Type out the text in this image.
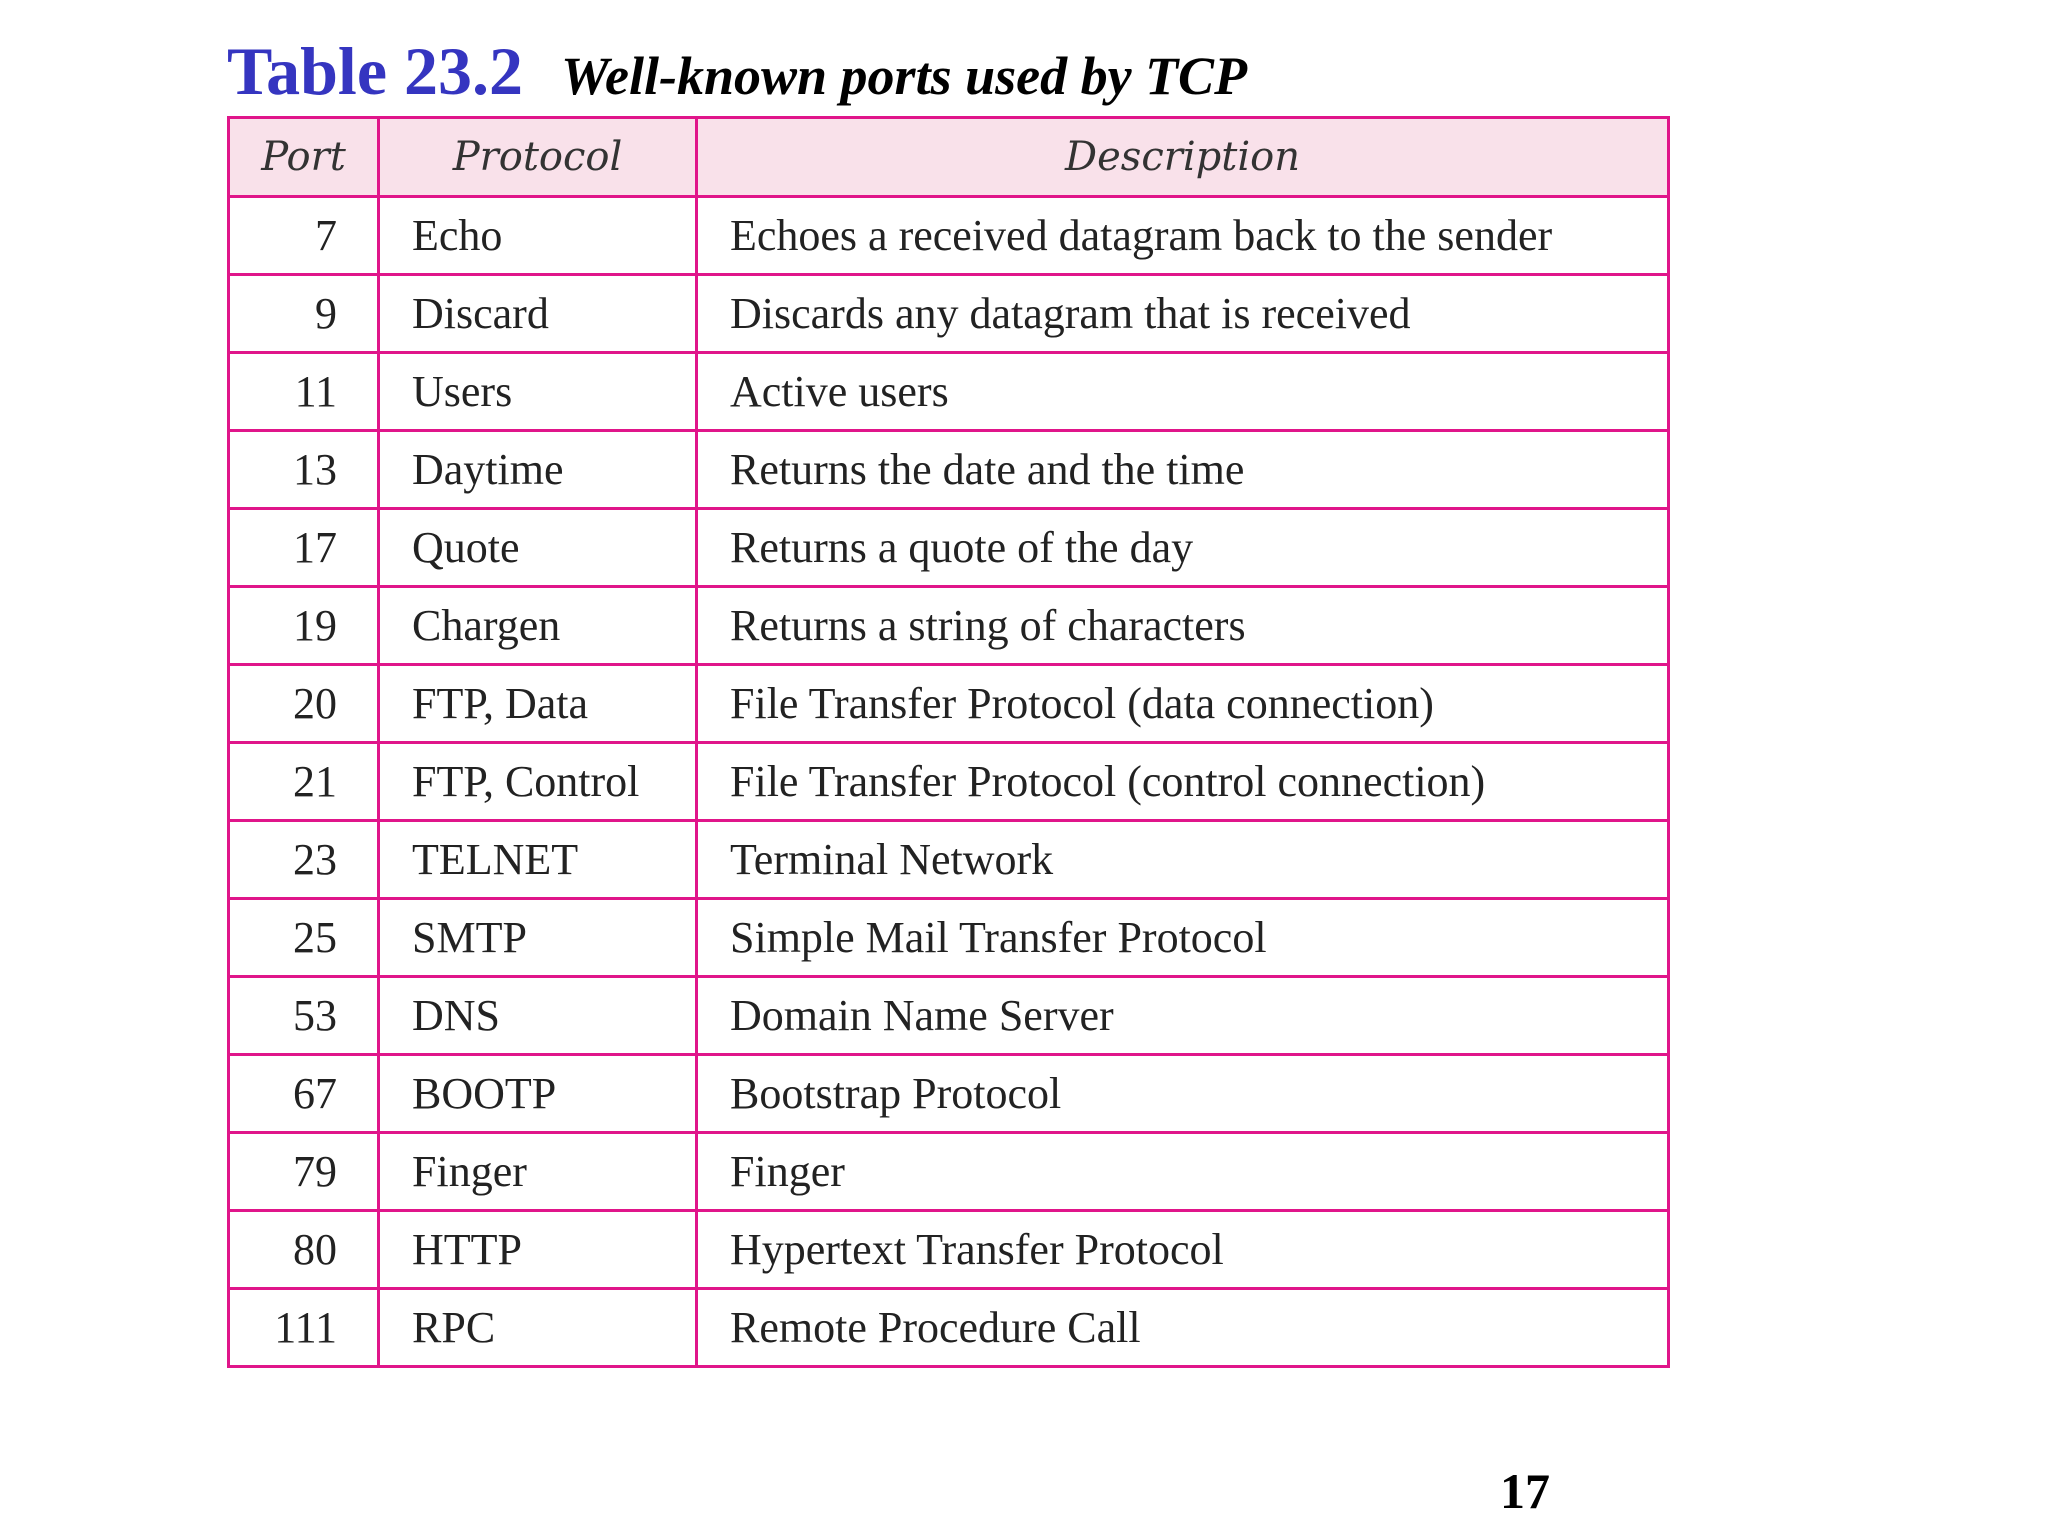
Table 23.2 Well-known ports used by TCP
Port	Protocol	Description
7	Echo	Echoes a received datagram back to the sender
9	Discard	Discards any datagram that is received
11	Users	Active users
13	Daytime	Returns the date and the time
17	Quote	Returns a quote of the day
19	Chargen	Returns a string of characters
20	FTP, Data	File Transfer Protocol (data connection)
21	FTP, Control	File Transfer Protocol (control connection)
23	TELNET	Terminal Network
25	SMTP	Simple Mail Transfer Protocol
53	DNS	Domain Name Server
67	BOOTP	Bootstrap Protocol
79	Finger	Finger
80	HTTP	Hypertext Transfer Protocol
111	RPC	Remote Procedure Call
17
